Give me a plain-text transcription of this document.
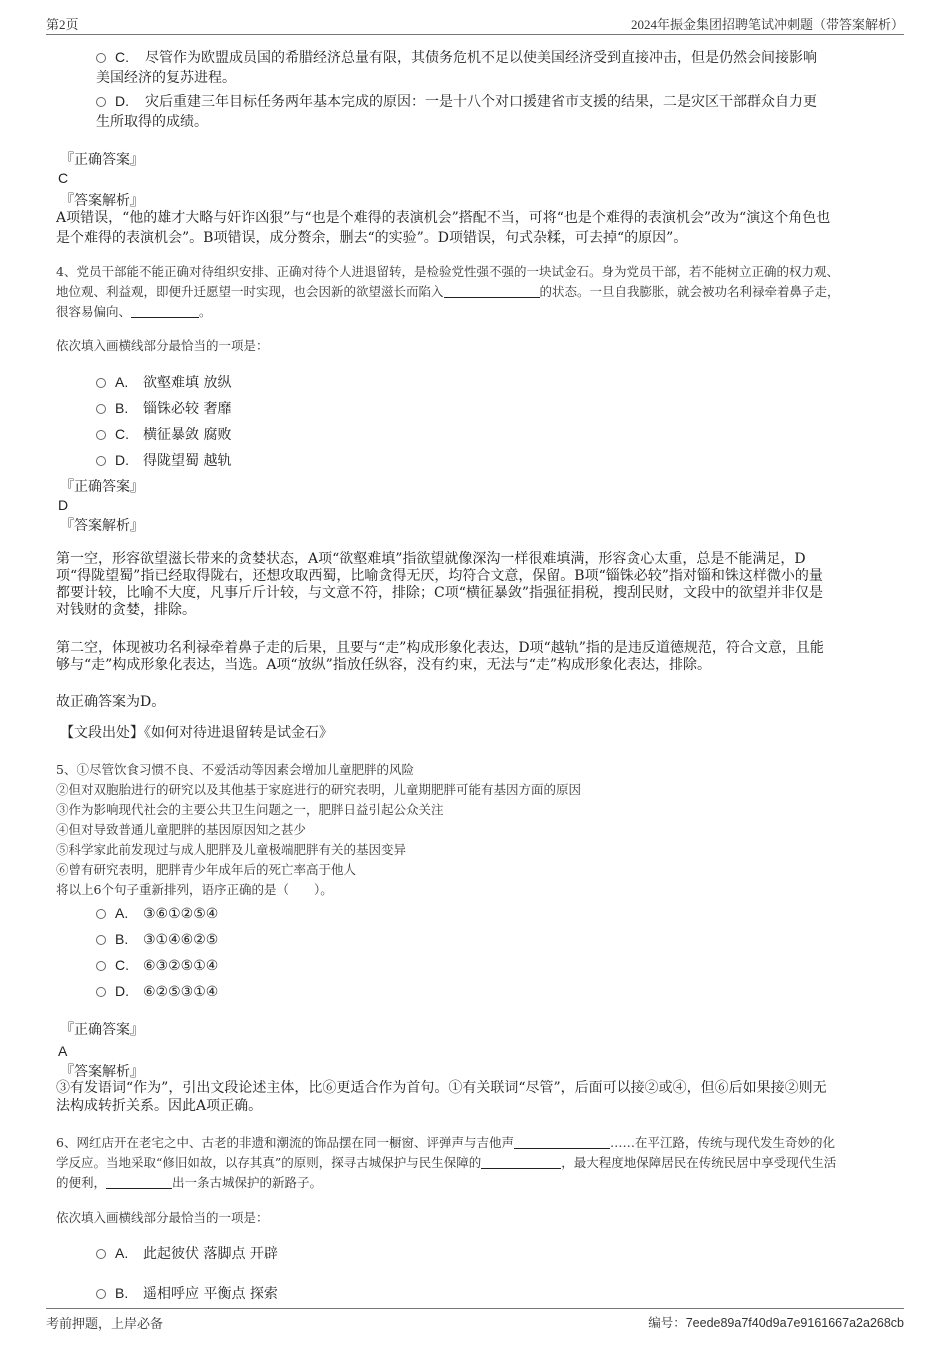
第2页	2024年振金集团招聘笔试冲刺题（带答案解析）
C. 尽管作为欧盟成员国的希腊经济总量有限，其债务危机不足以使美国经济受到直接冲击，但是仍然会间接影响
美国经济的复苏进程。
D. 灾后重建三年目标任务两年基本完成的原因：一是十八个对口援建省市支援的结果，二是灾区干部群众自力更
生所取得的成绩。
『正确答案』
C
『答案解析』
A项错误，“他的雄才大略与奸诈凶狠”与“也是个难得的表演机会”搭配不当，可将“也是个难得的表演机会”改为“演这个角色也
是个难得的表演机会”。B项错误，成分赘余，删去“的实验”。D项错误，句式杂糅，可去掉“的原因”。
4、党员干部能不能正确对待组织安排、正确对待个人进退留转，是检验党性强不强的一块试金石。身为党员干部，若不能树立正确的权力观、
地位观、利益观，即便升迁愿望一时实现，也会因新的欲望滋长而陷入	的状态。一旦自我膨胀，就会被功名利禄牵着鼻子走，
很容易偏向、	。
依次填入画横线部分最恰当的一项是：
A. 欲壑难填 放纵
B. 锱铢必较 奢靡
C. 横征暴敛 腐败
D. 得陇望蜀 越轨
『正确答案』
D
『答案解析』
第一空，形容欲望滋长带来的贪婪状态，A项“欲壑难填”指欲望就像深沟一样很难填满，形容贪心太重，总是不能满足，D
项“得陇望蜀”指已经取得陇右，还想攻取西蜀，比喻贪得无厌，均符合文意，保留。B项“锱铢必较”指对锱和铢这样微小的量
都要计较，比喻不大度，凡事斤斤计较，与文意不符，排除；C项“横征暴敛”指强征捐税，搜刮民财，文段中的欲望并非仅是
对钱财的贪婪，排除。
第二空，体现被功名利禄牵着鼻子走的后果，且要与“走”构成形象化表达，D项“越轨”指的是违反道德规范，符合文意，且能
够与“走”构成形象化表达，当选。A项“放纵”指放任纵容，没有约束，无法与“走”构成形象化表达，排除。
故正确答案为D。
【文段出处】《如何对待进退留转是试金石》
5、①尽管饮食习惯不良、不爱活动等因素会增加儿童肥胖的风险
②但对双胞胎进行的研究以及其他基于家庭进行的研究表明，儿童期肥胖可能有基因方面的原因
③作为影响现代社会的主要公共卫生问题之一，肥胖日益引起公众关注
④但对导致普通儿童肥胖的基因原因知之甚少
⑤科学家此前发现过与成人肥胖及儿童极端肥胖有关的基因变异
⑥曾有研究表明，肥胖青少年成年后的死亡率高于他人
将以上6个句子重新排列，语序正确的是（　　）。
A. ③⑥①②⑤④
B. ③①④⑥②⑤
C. ⑥③②⑤①④
D. ⑥②⑤③①④
『正确答案』
A
『答案解析』
③有发语词“作为”，引出文段论述主体，比⑥更适合作为首句。①有关联词“尽管”，后面可以接②或④，但⑥后如果接②则无
法构成转折关系。因此A项正确。
6、网红店开在老宅之中、古老的非遗和潮流的饰品摆在同一橱窗、评弹声与吉他声	……在平江路，传统与现代发生奇妙的化
学反应。当地采取“修旧如故，以存其真”的原则，探寻古城保护与民生保障的	，最大程度地保障居民在传统民居中享受现代生活
的便利，	出一条古城保护的新路子。
依次填入画横线部分最恰当的一项是：
A. 此起彼伏 落脚点 开辟
B. 遥相呼应 平衡点 探索
考前押题，上岸必备	编号：7eede89a7f40d9a7e9161667a2a268cb
